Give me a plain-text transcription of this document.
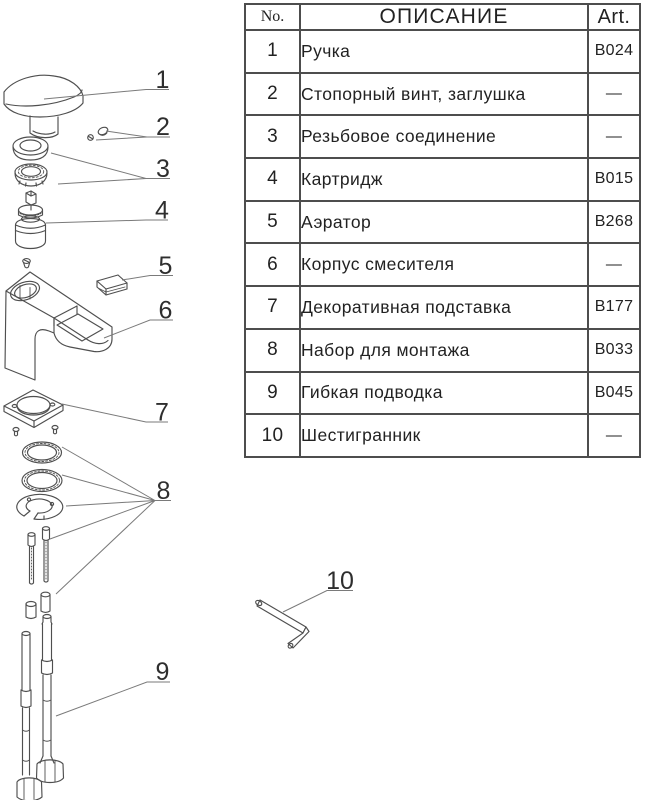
1
2
3
4
5
6
7
8
9
10
No.	ОПИСАНИЕ	Art.
1	Ручка	B024
2	Стопорный винт, заглушка	—
3	Резьбовое соединение	—
4	Картридж	B015
5	Аэратор	B268
6	Корпус смесителя	—
7	Декоративная подставка	B177
8	Набор для монтажа	B033
9	Гибкая подводка	B045
10	Шестигранник	—
